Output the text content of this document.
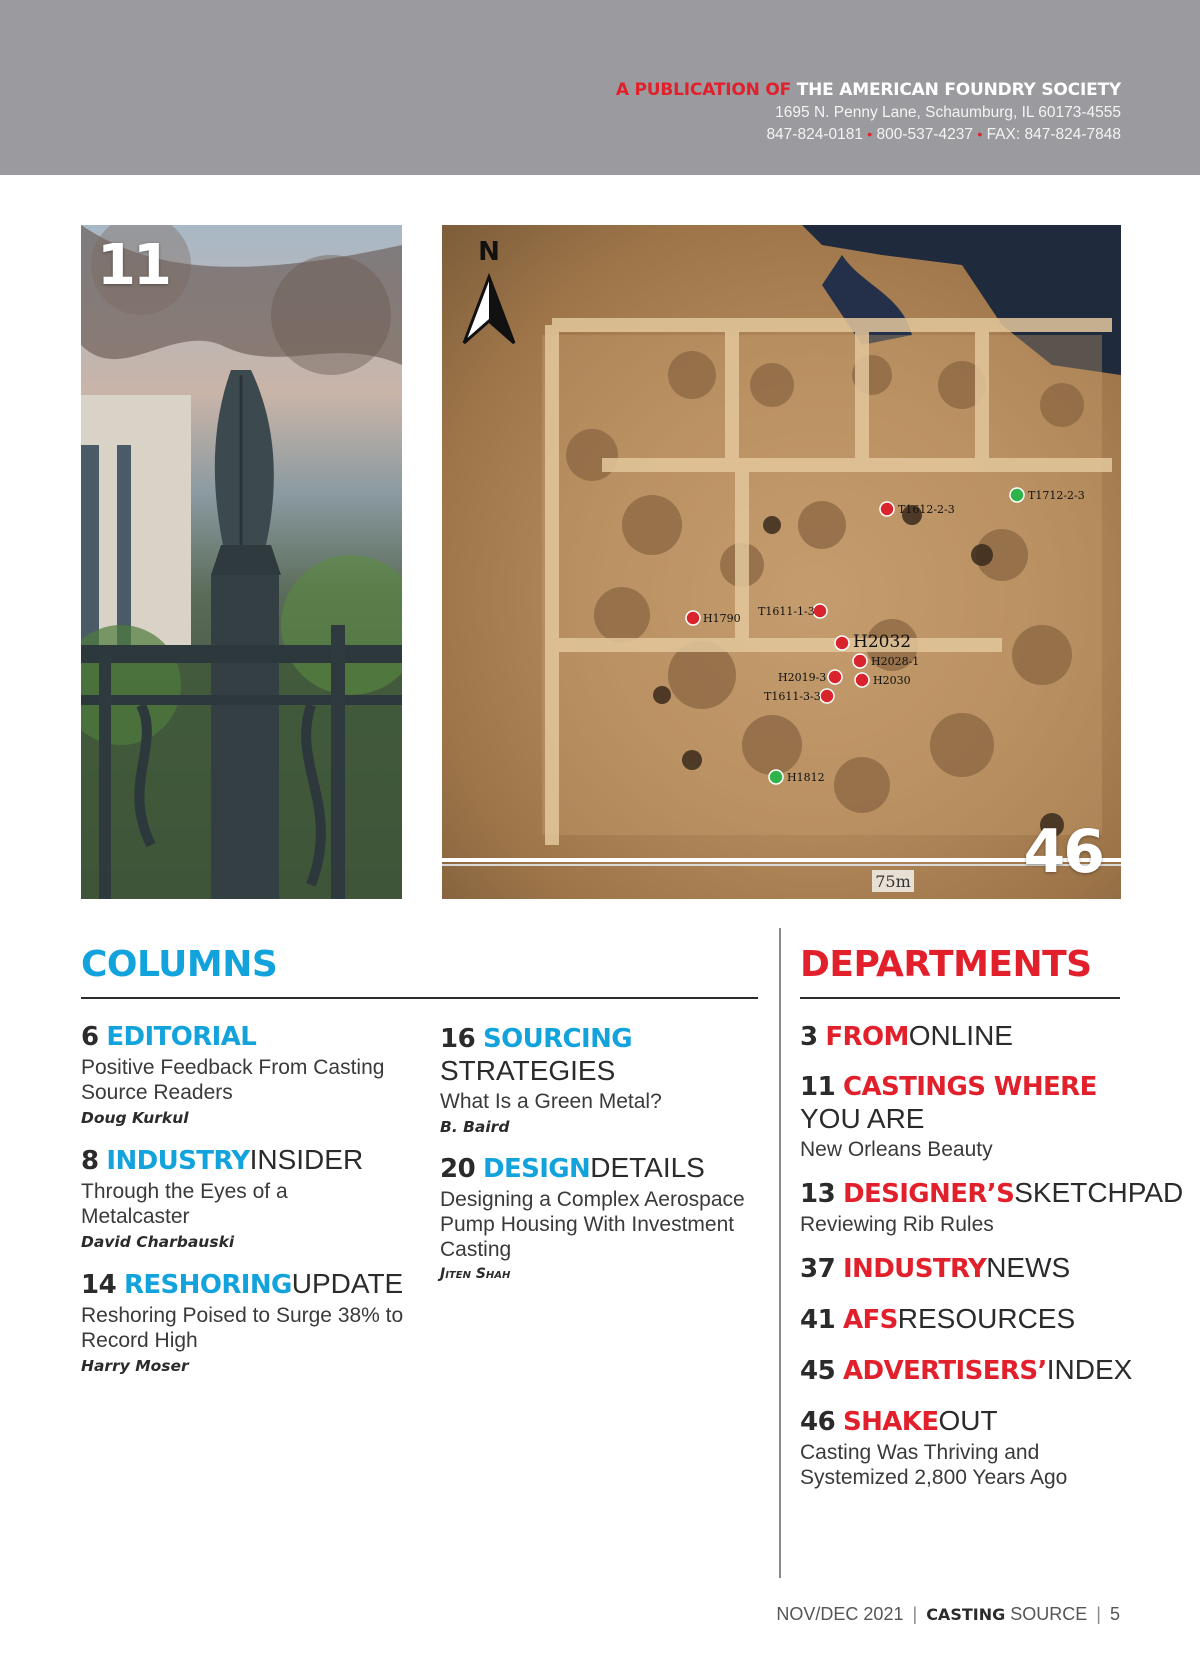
A PUBLICATION OF THE AMERICAN FOUNDRY SOCIETY
1695 N. Penny Lane, Schaumburg, IL 60173-4555
847-824-0181 • 800-537-4237 • FAX: 847-824-7848
11
75m
N
T1612-2-3
T1712-2-3
T1611-1-3
H1790
H2032
H2028-1
H2019-3	H2030
T1611-3-3
H1812
46
COLUMNS	DEPARTMENTS
6 EDITORIAL
Positive Feedback From Casting Source Readers
Doug Kurkul
8 INDUSTRYINSIDER
Through the Eyes of a Metalcaster
David Charbauski
14 RESHORINGUPDATE
Reshoring Poised to Surge 38% to Record High
Harry Moser
16 SOURCING
STRATEGIES
What Is a Green Metal?
B. Baird
20 DESIGNDETAILS
Designing a Complex Aerospace Pump Housing With Investment Casting
Jiten Shah
3 FROMONLINE
11 CASTINGS WHERE
YOU ARE
New Orleans Beauty
13 DESIGNER’SSKETCHPAD
Reviewing Rib Rules
37 INDUSTRYNEWS
41 AFSRESOURCES
45 ADVERTISERS’INDEX
46 SHAKEOUT
Casting Was Thriving and Systemized 2,800 Years Ago
NOV/DEC 2021 | CASTING SOURCE | 5
